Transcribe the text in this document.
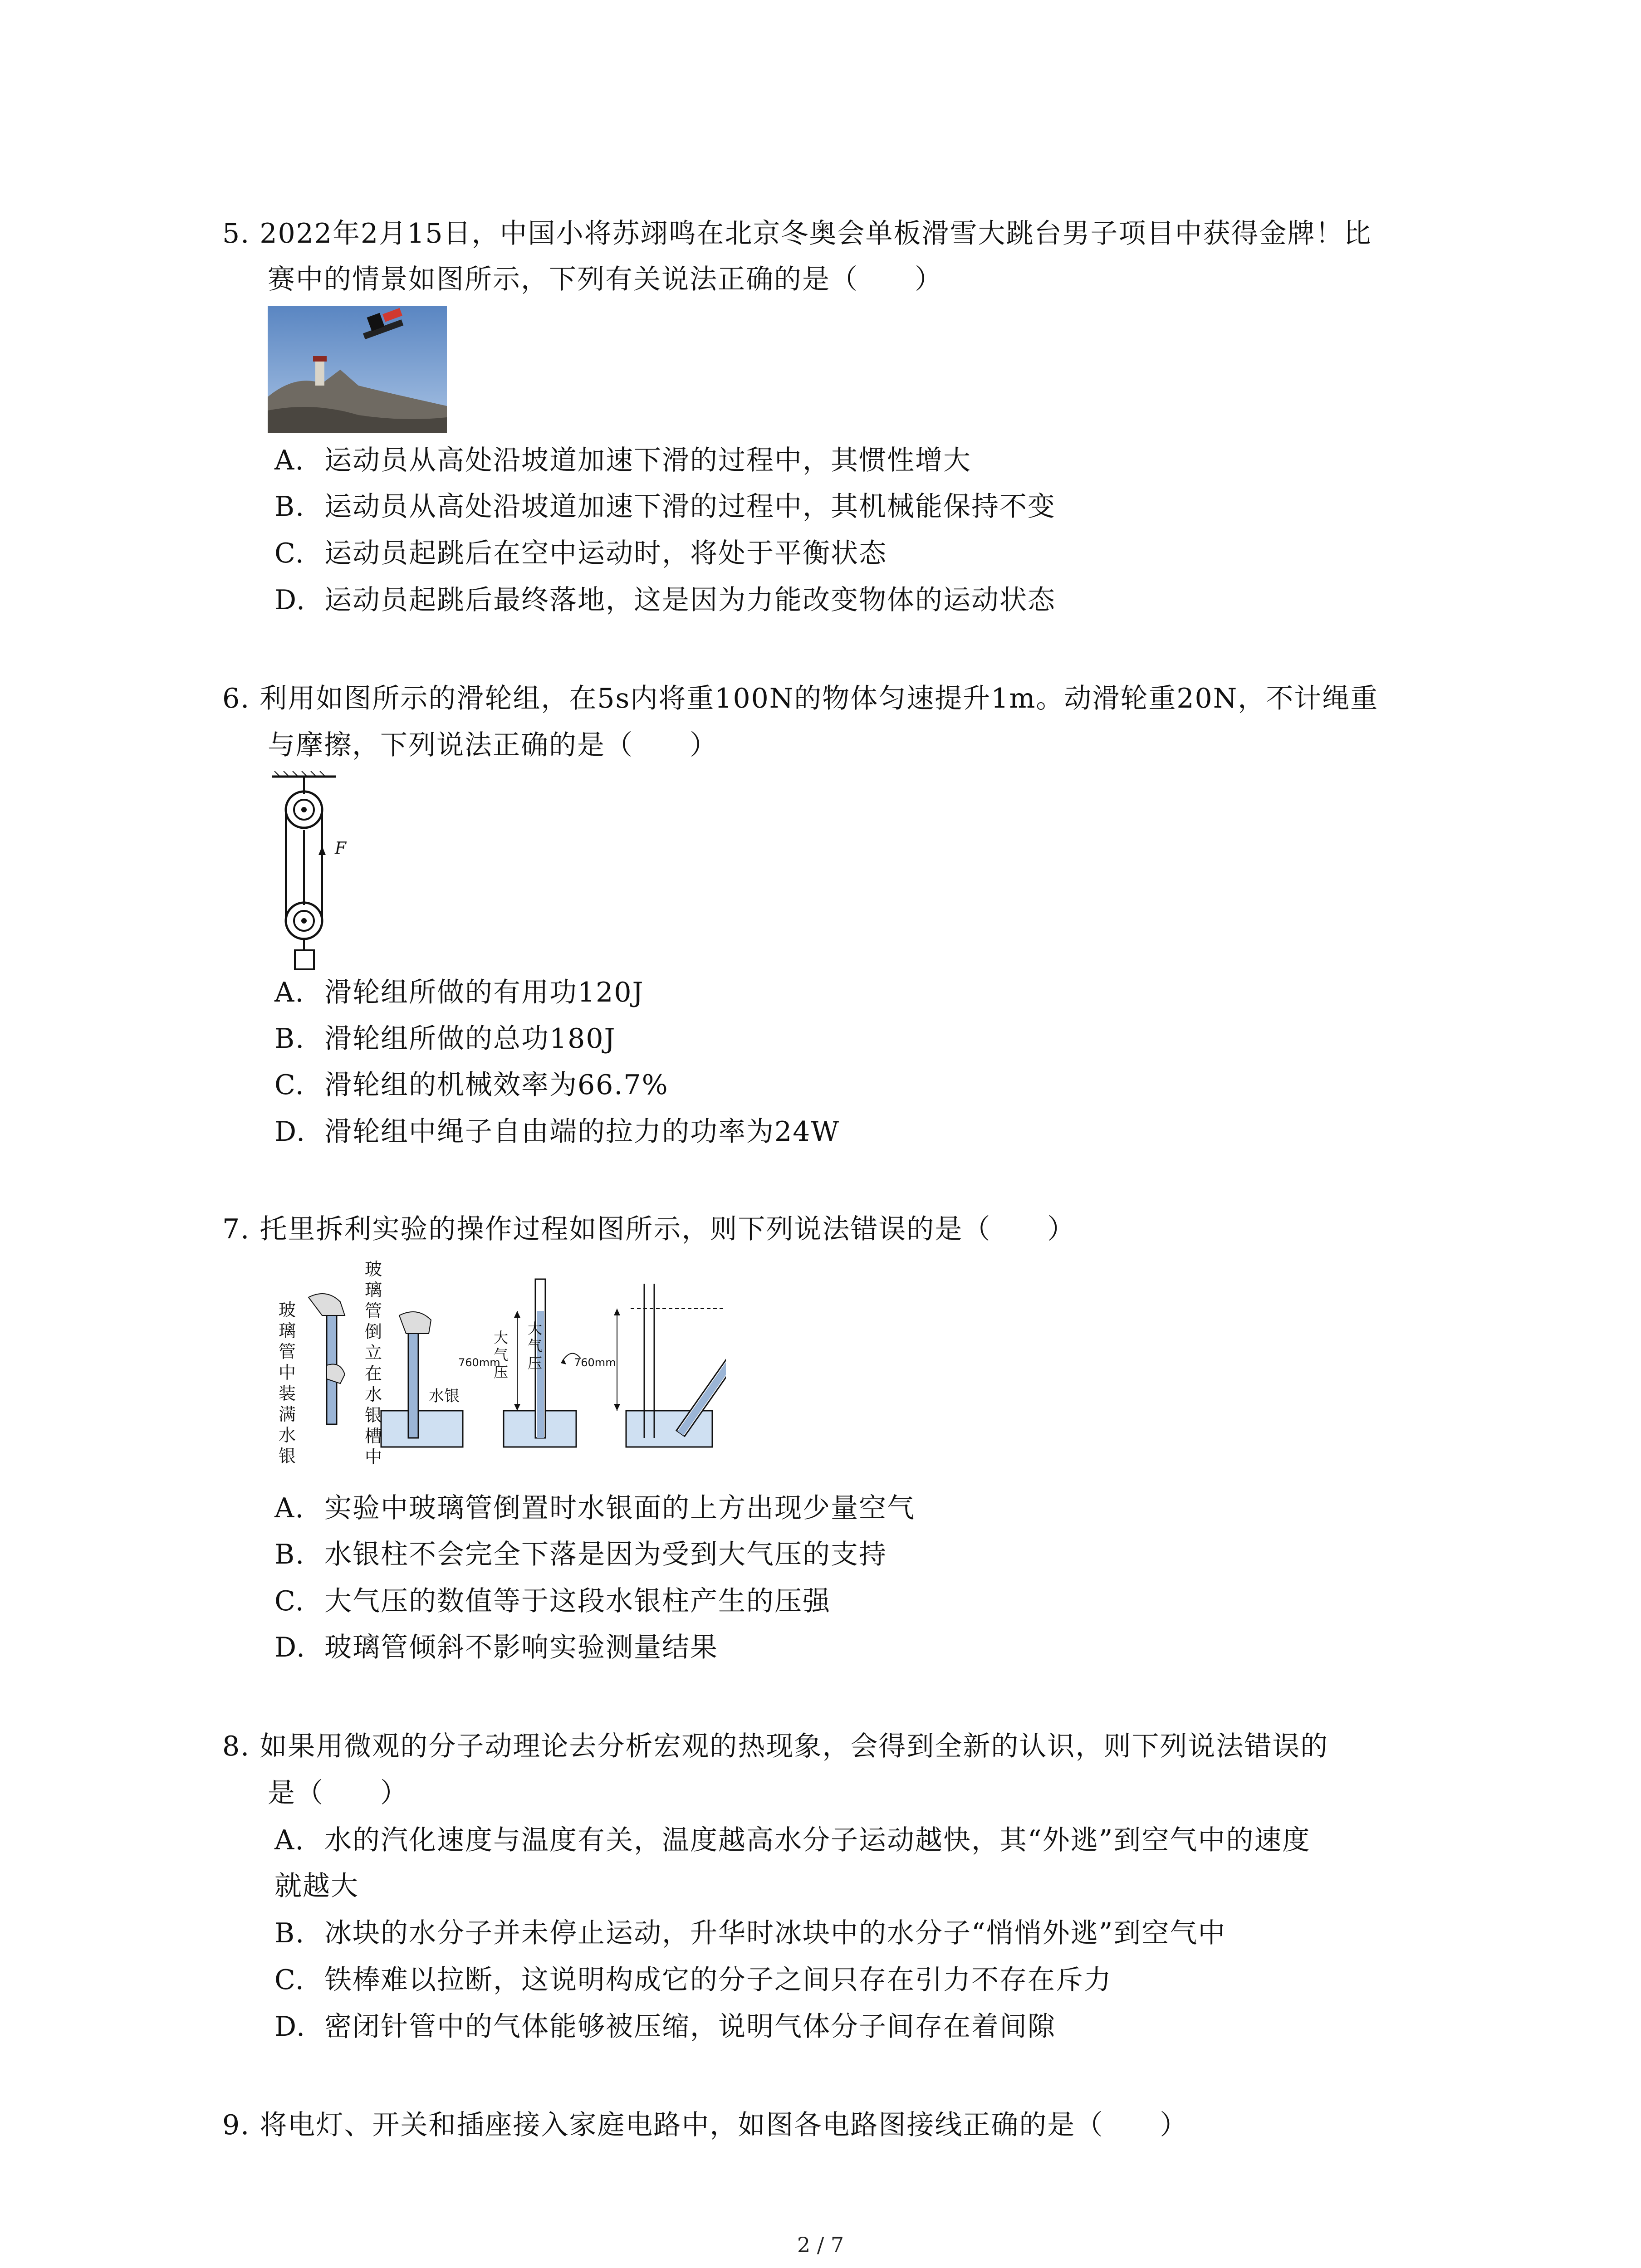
5. 2022年2月15日，中国小将苏翊鸣在北京冬奥会单板滑雪大跳台男子项目中获得金牌！比
赛中的情景如图所示，下列有关说法正确的是（　　）
A. 运动员从高处沿坡道加速下滑的过程中，其惯性增大
B. 运动员从高处沿坡道加速下滑的过程中，其机械能保持不变
C. 运动员起跳后在空中运动时，将处于平衡状态
D. 运动员起跳后最终落地，这是因为力能改变物体的运动状态
6. 利用如图所示的滑轮组，在5s内将重100N的物体匀速提升1m。动滑轮重20N，不计绳重
与摩擦，下列说法正确的是（　　）
F
A. 滑轮组所做的有用功120J
B. 滑轮组所做的总功180J
C. 滑轮组的机械效率为66.7%
D. 滑轮组中绳子自由端的拉力的功率为24W
7. 托里拆利实验的操作过程如图所示，则下列说法错误的是（　　）
玻璃管中装满水银
玻璃管倒立在水银槽中
水银
760mm
大气压
大气压	760mm
A. 实验中玻璃管倒置时水银面的上方出现少量空气
B. 水银柱不会完全下落是因为受到大气压的支持
C. 大气压的数值等于这段水银柱产生的压强
D. 玻璃管倾斜不影响实验测量结果
8. 如果用微观的分子动理论去分析宏观的热现象，会得到全新的认识，则下列说法错误的
是（　　）
A. 水的汽化速度与温度有关，温度越高水分子运动越快，其“外逃”到空气中的速度
就越大
B. 冰块的水分子并未停止运动，升华时冰块中的水分子“悄悄外逃”到空气中
C. 铁棒难以拉断，这说明构成它的分子之间只存在引力不存在斥力
D. 密闭针管中的气体能够被压缩，说明气体分子间存在着间隙
9. 将电灯、开关和插座接入家庭电路中，如图各电路图接线正确的是（　　）
2 / 7
